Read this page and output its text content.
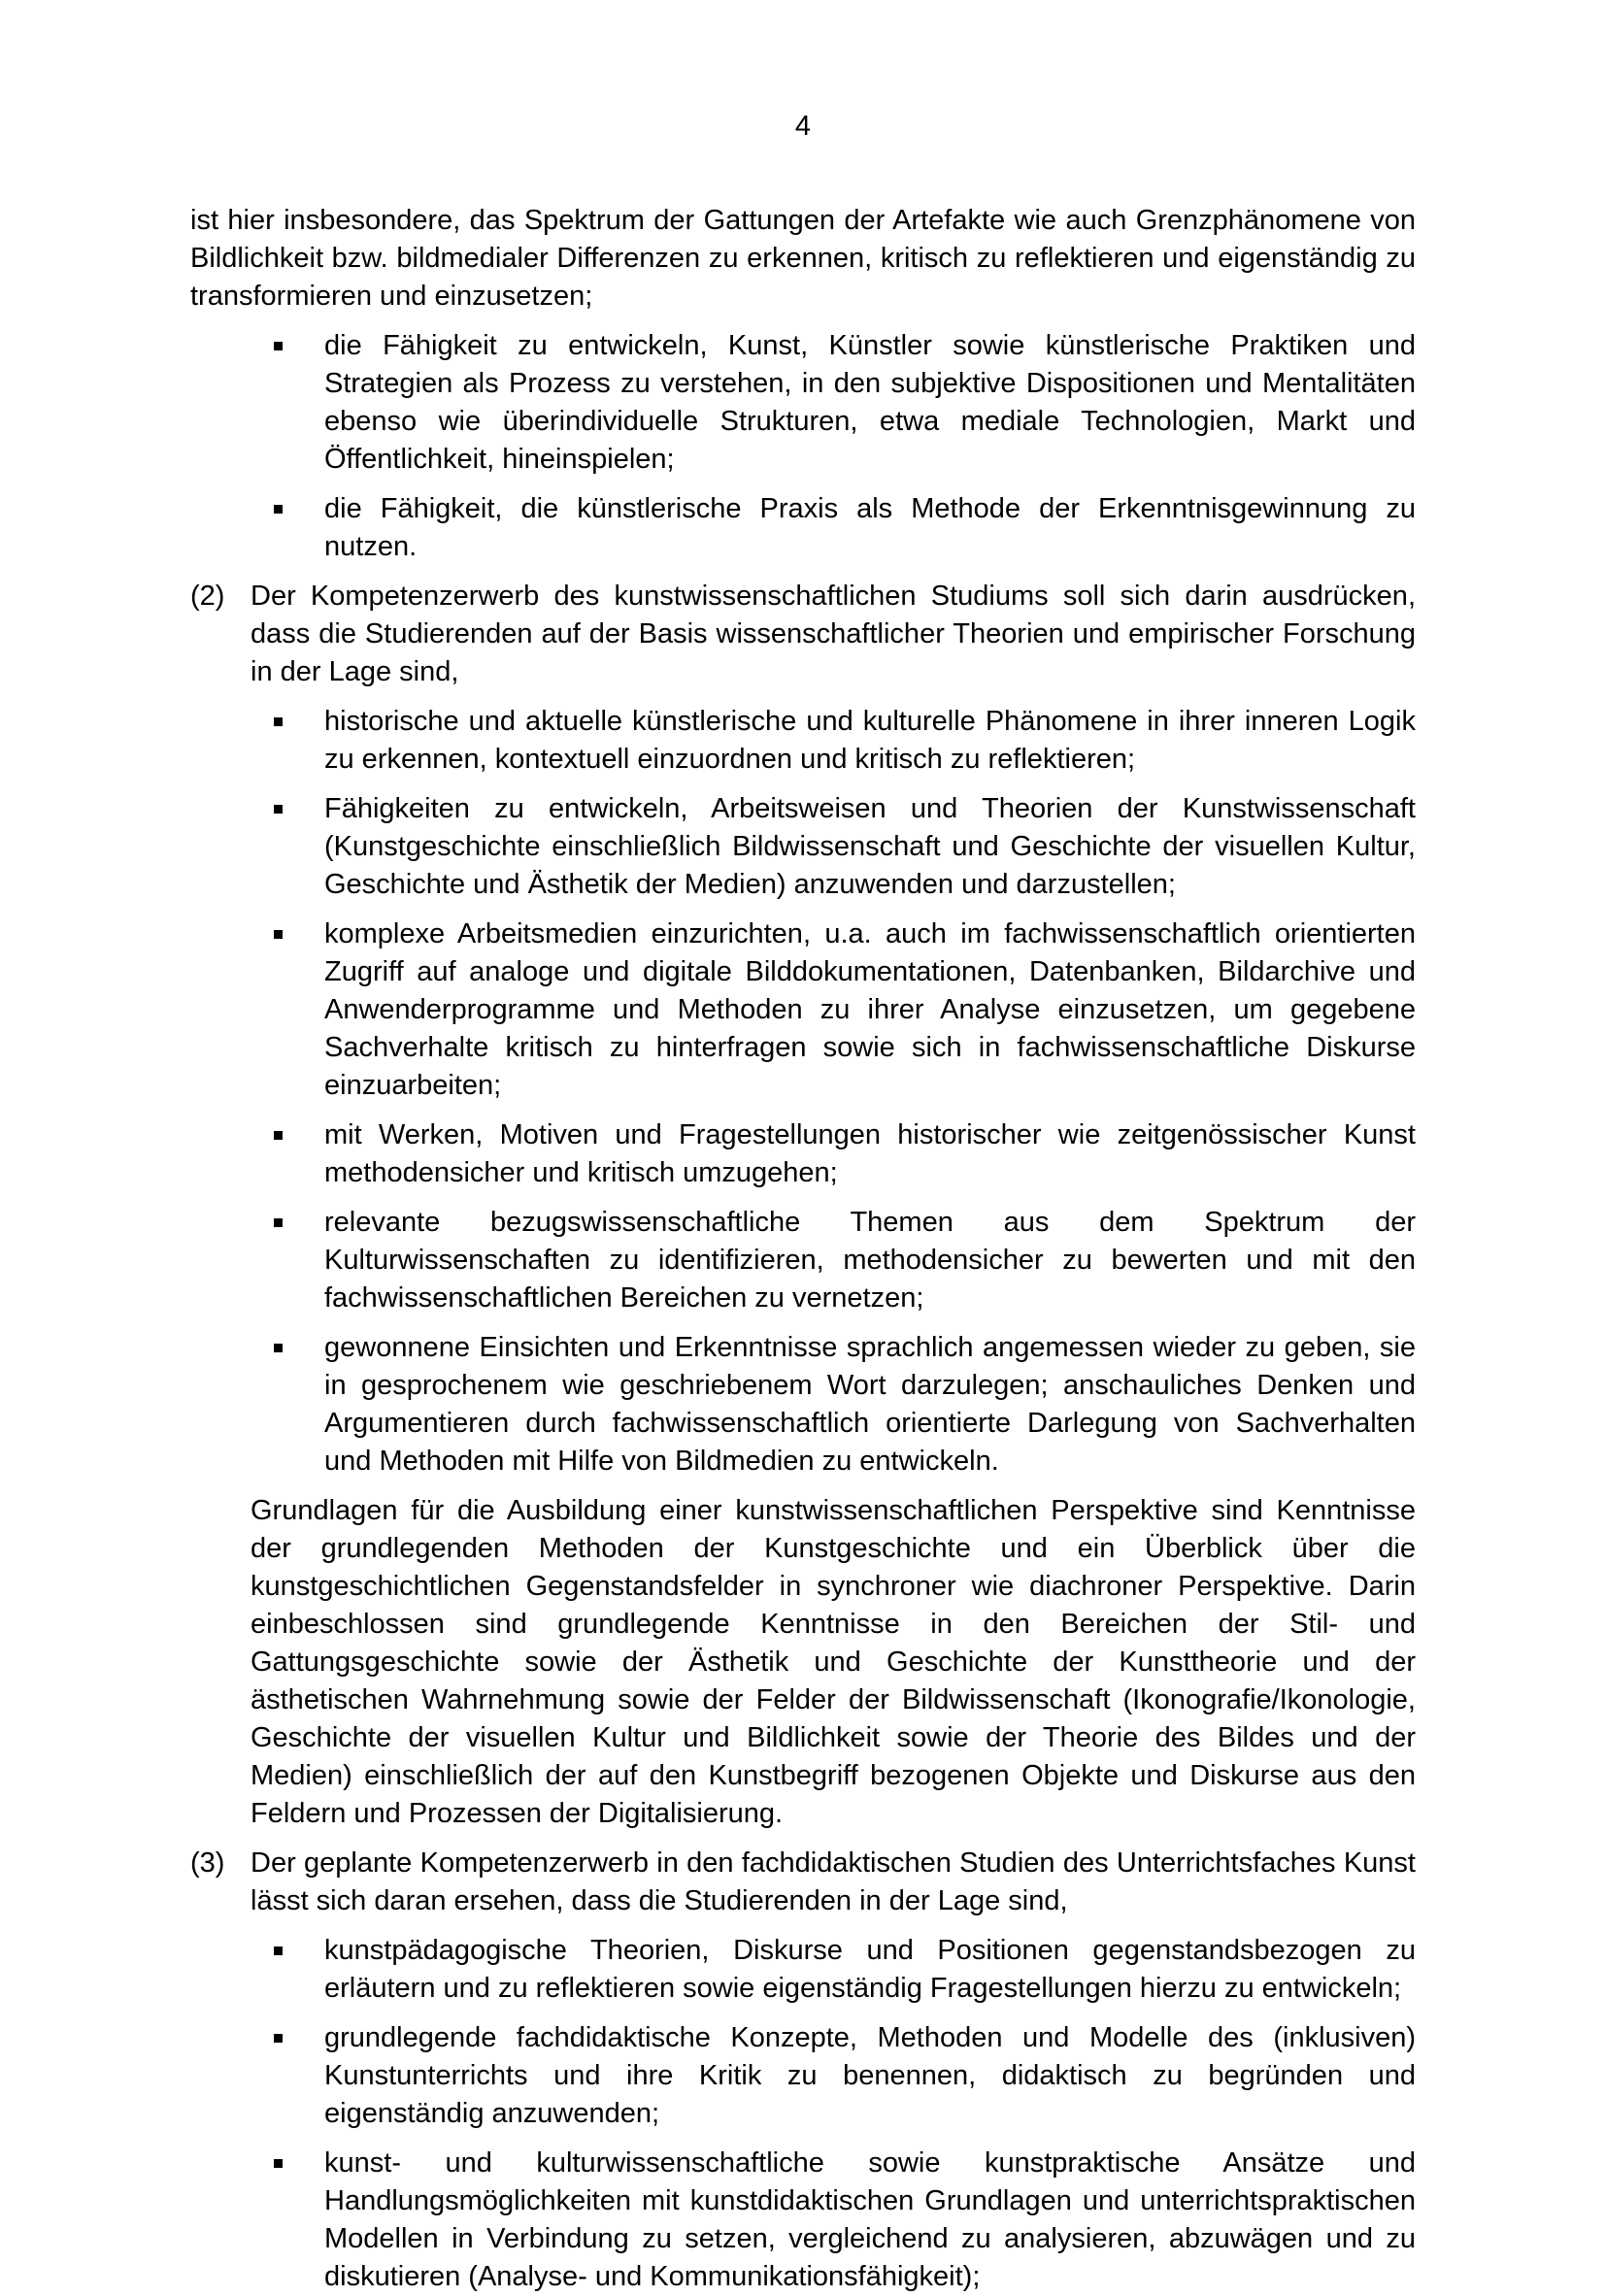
4

ist hier insbesondere, das Spektrum der Gattungen der Artefakte wie auch Grenzphänomene von Bildlichkeit bzw. bildmedialer Differenzen zu erkennen, kritisch zu reflektieren und eigenständig zu transformieren und einzusetzen;

die Fähigkeit zu entwickeln, Kunst, Künstler sowie künstlerische Praktiken und Strategien als Prozess zu verstehen, in den subjektive Dispositionen und Mentalitäten ebenso wie überindividuelle Strukturen, etwa mediale Technologien, Markt und Öffentlichkeit, hineinspielen;
die Fähigkeit, die künstlerische Praxis als Methode der Erkenntnisgewinnung zu nutzen.
(2) Der Kompetenzerwerb des kunstwissenschaftlichen Studiums soll sich darin ausdrücken, dass die Studierenden auf der Basis wissenschaftlicher Theorien und empirischer Forschung in der Lage sind,
historische und aktuelle künstlerische und kulturelle Phänomene in ihrer inneren Logik zu erkennen, kontextuell einzuordnen und kritisch zu reflektieren;
Fähigkeiten zu entwickeln, Arbeitsweisen und Theorien der Kunstwissenschaft (Kunstgeschichte einschließlich Bildwissenschaft und Geschichte der visuellen Kultur, Geschichte und Ästhetik der Medien) anzuwenden und darzustellen;
komplexe Arbeitsmedien einzurichten, u.a. auch im fachwissenschaftlich orientierten Zugriff auf analoge und digitale Bilddokumentationen, Datenbanken, Bildarchive und Anwenderprogramme und Methoden zu ihrer Analyse einzusetzen, um gegebene Sachverhalte kritisch zu hinterfragen sowie sich in fachwissenschaftliche Diskurse einzuarbeiten;
mit Werken, Motiven und Fragestellungen historischer wie zeitgenössischer Kunst methodensicher und kritisch umzugehen;
relevante bezugswissenschaftliche Themen aus dem Spektrum der Kulturwissenschaften zu identifizieren, methodensicher zu bewerten und mit den fachwissenschaftlichen Bereichen zu vernetzen;
gewonnene Einsichten und Erkenntnisse sprachlich angemessen wieder zu geben, sie in gesprochenem wie geschriebenem Wort darzulegen; anschauliches Denken und Argumentieren durch fachwissenschaftlich orientierte Darlegung von Sachverhalten und Methoden mit Hilfe von Bildmedien zu entwickeln.
Grundlagen für die Ausbildung einer kunstwissenschaftlichen Perspektive sind Kenntnisse der grundlegenden Methoden der Kunstgeschichte und ein Überblick über die kunstgeschichtlichen Gegenstandsfelder in synchroner wie diachroner Perspektive. Darin einbeschlossen sind grundlegende Kenntnisse in den Bereichen der Stil- und Gattungsgeschichte sowie der Ästhetik und Geschichte der Kunsttheorie und der ästhetischen Wahrnehmung sowie der Felder der Bildwissenschaft (Ikonografie/Ikonologie, Geschichte der visuellen Kultur und Bildlichkeit sowie der Theorie des Bildes und der Medien) einschließlich der auf den Kunstbegriff bezogenen Objekte und Diskurse aus den Feldern und Prozessen der Digitalisierung.
(3) Der geplante Kompetenzerwerb in den fachdidaktischen Studien des Unterrichtsfaches Kunst lässt sich daran ersehen, dass die Studierenden in der Lage sind,
kunstpädagogische Theorien, Diskurse und Positionen gegenstandsbezogen zu erläutern und zu reflektieren sowie eigenständig Fragestellungen hierzu zu entwickeln;
grundlegende fachdidaktische Konzepte, Methoden und Modelle des (inklusiven) Kunstunterrichts und ihre Kritik zu benennen, didaktisch zu begründen und eigenständig anzuwenden;
kunst- und kulturwissenschaftliche sowie kunstpraktische Ansätze und Handlungsmöglichkeiten mit kunstdidaktischen Grundlagen und unterrichtspraktischen Modellen in Verbindung zu setzen, vergleichend zu analysieren, abzuwägen und zu diskutieren (Analyse- und Kommunikationsfähigkeit);
